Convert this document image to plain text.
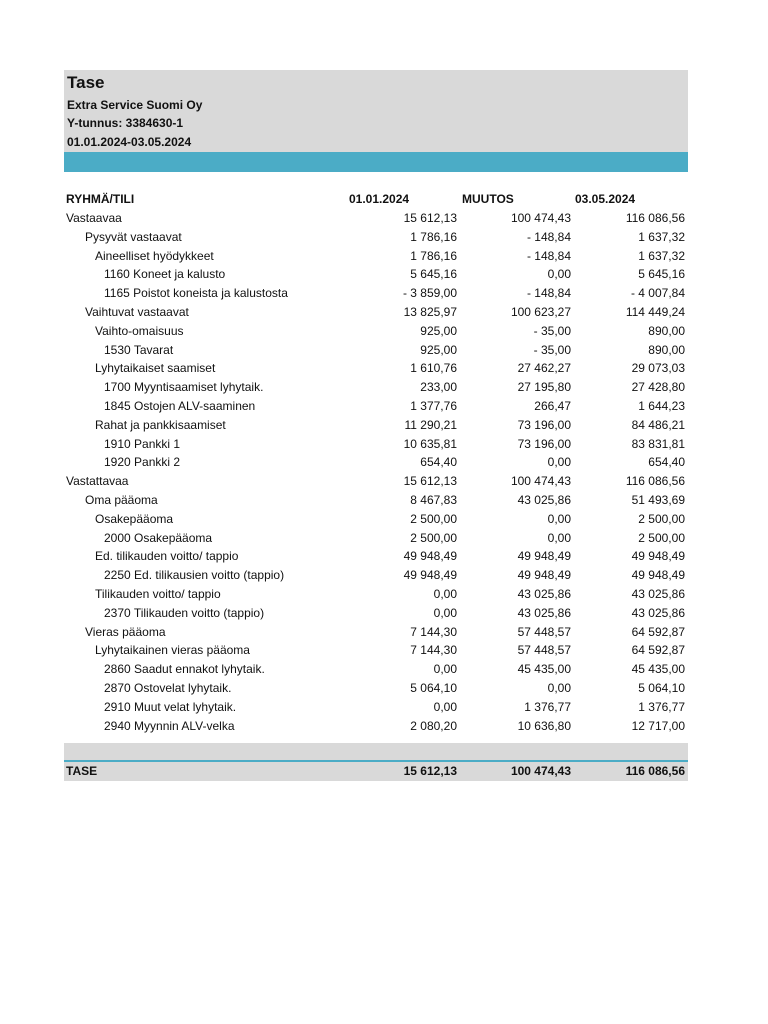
Tase
Extra Service Suomi Oy
Y-tunnus: 3384630-1
01.01.2024-03.05.2024
RYHMÄ/TILI	01.01.2024	MUUTOS	03.05.2024
Vastaavaa	15 612,13	100 474,43	116 086,56
Pysyvät vastaavat	1 786,16	- 148,84	1 637,32
Aineelliset hyödykkeet	1 786,16	- 148,84	1 637,32
1160 Koneet ja kalusto	5 645,16	0,00	5 645,16
1165 Poistot koneista ja kalustosta	- 3 859,00	- 148,84	- 4 007,84
Vaihtuvat vastaavat	13 825,97	100 623,27	114 449,24
Vaihto-omaisuus	925,00	- 35,00	890,00
1530 Tavarat	925,00	- 35,00	890,00
Lyhytaikaiset saamiset	1 610,76	27 462,27	29 073,03
1700 Myyntisaamiset lyhytaik.	233,00	27 195,80	27 428,80
1845 Ostojen ALV-saaminen	1 377,76	266,47	1 644,23
Rahat ja pankkisaamiset	11 290,21	73 196,00	84 486,21
1910 Pankki 1	10 635,81	73 196,00	83 831,81
1920 Pankki 2	654,40	0,00	654,40
Vastattavaa	15 612,13	100 474,43	116 086,56
Oma pääoma	8 467,83	43 025,86	51 493,69
Osakepääoma	2 500,00	0,00	2 500,00
2000 Osakepääoma	2 500,00	0,00	2 500,00
Ed. tilikauden voitto/ tappio	49 948,49	49 948,49	49 948,49
2250 Ed. tilikausien voitto (tappio)	49 948,49	49 948,49	49 948,49
Tilikauden voitto/ tappio	0,00	43 025,86	43 025,86
2370 Tilikauden voitto (tappio)	0,00	43 025,86	43 025,86
Vieras pääoma	7 144,30	57 448,57	64 592,87
Lyhytaikainen vieras pääoma	7 144,30	57 448,57	64 592,87
2860 Saadut ennakot lyhytaik.	0,00	45 435,00	45 435,00
2870 Ostovelat lyhytaik.	5 064,10	0,00	5 064,10
2910 Muut velat lyhytaik.	0,00	1 376,77	1 376,77
2940 Myynnin ALV-velka	2 080,20	10 636,80	12 717,00
TASE	15 612,13	100 474,43	116 086,56
